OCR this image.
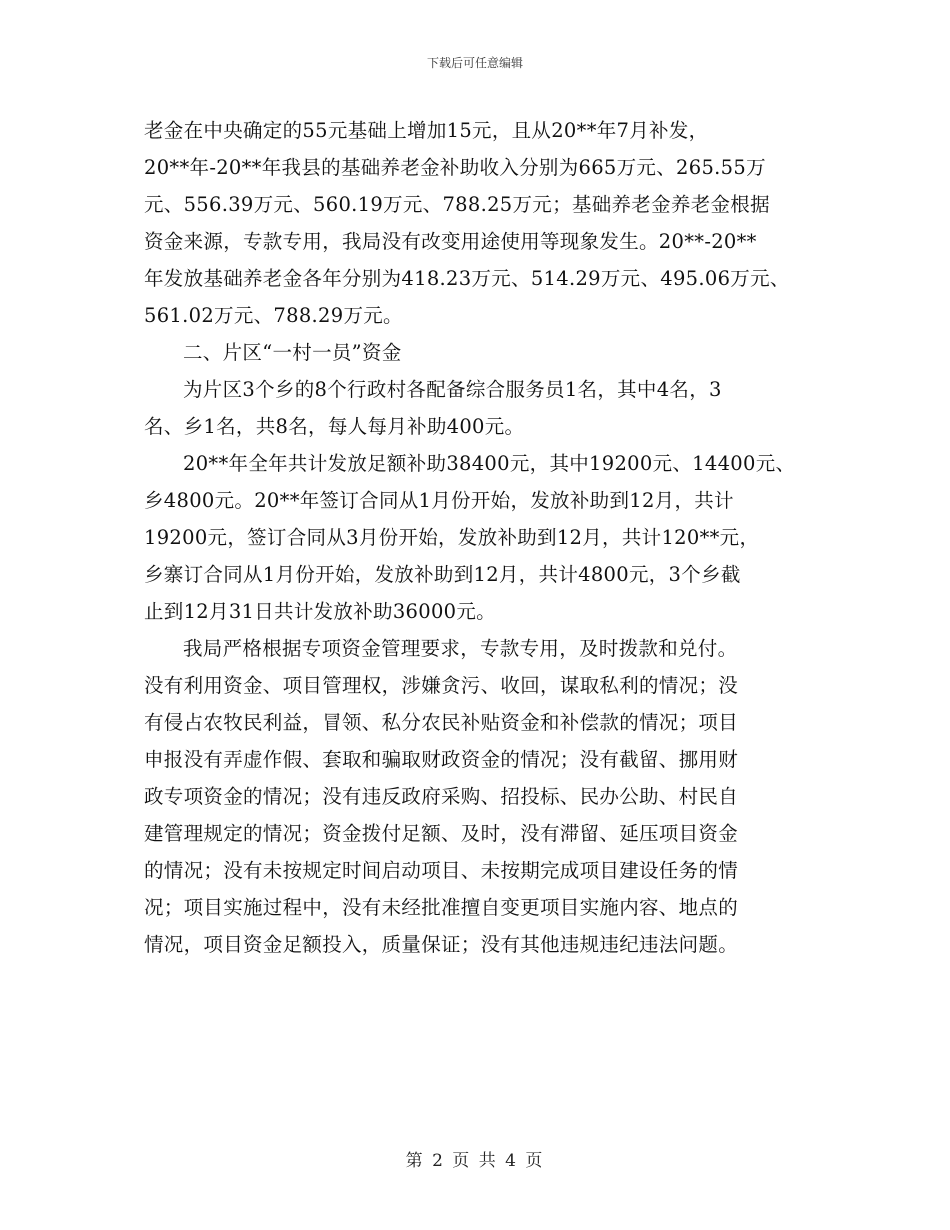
下载后可任意编辑
老金在中央确定的55元基础上增加15元，且从20**年7月补发，
20**年-20**年我县的基础养老金补助收入分别为665万元、265.55万
元、556.39万元、560.19万元、788.25万元；基础养老金养老金根据
资金来源，专款专用，我局没有改变用途使用等现象发生。20**-20**
年发放基础养老金各年分别为418.23万元、514.29万元、495.06万元、
561.02万元、788.29万元。
二、片区“一村一员”资金
为片区3个乡的8个行政村各配备综合服务员1名，其中4名，3
名、乡1名，共8名，每人每月补助400元。
20**年全年共计发放足额补助38400元，其中19200元、14400元、
乡4800元。20**年签订合同从1月份开始，发放补助到12月，共计
19200元，签订合同从3月份开始，发放补助到12月，共计120**元，
乡寨订合同从1月份开始，发放补助到12月，共计4800元，3个乡截
止到12月31日共计发放补助36000元。
我局严格根据专项资金管理要求，专款专用，及时拨款和兑付。
没有利用资金、项目管理权，涉嫌贪污、收回，谋取私利的情况；没
有侵占农牧民利益，冒领、私分农民补贴资金和补偿款的情况；项目
申报没有弄虚作假、套取和骗取财政资金的情况；没有截留、挪用财
政专项资金的情况；没有违反政府采购、招投标、民办公助、村民自
建管理规定的情况；资金拨付足额、及时，没有滞留、延压项目资金
的情况；没有未按规定时间启动项目、未按期完成项目建设任务的情
况；项目实施过程中，没有未经批准擅自变更项目实施内容、地点的
情况，项目资金足额投入，质量保证；没有其他违规违纪违法问题。
第 2 页 共 4 页
